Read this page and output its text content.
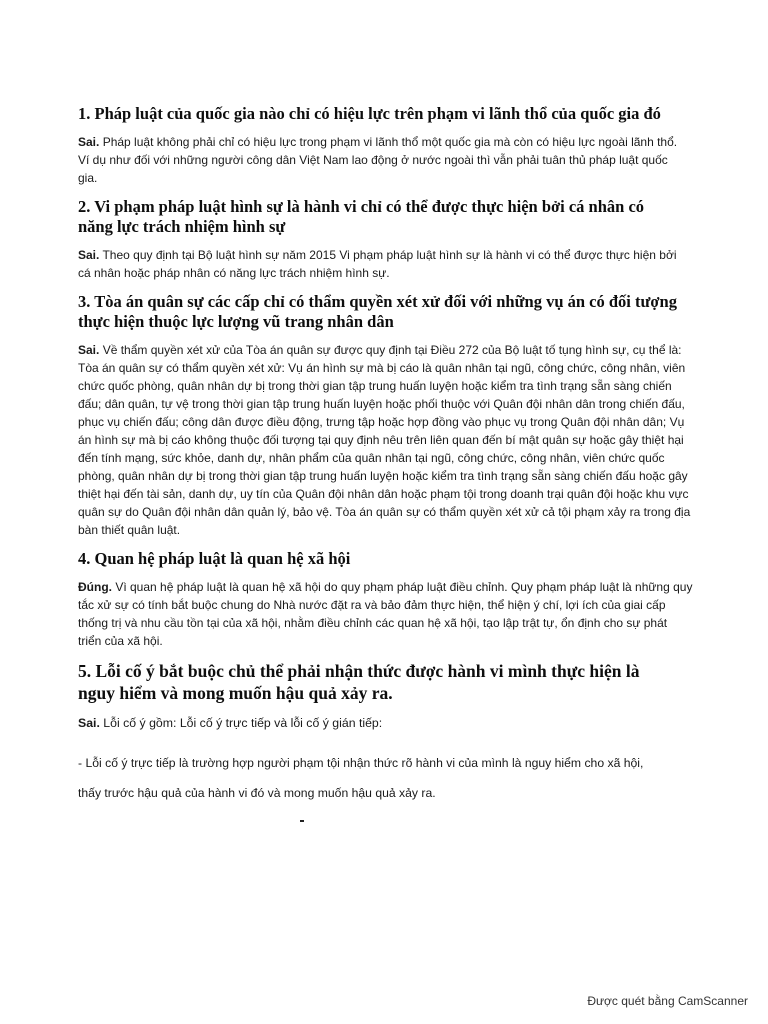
1. Pháp luật của quốc gia nào chỉ có hiệu lực trên phạm vi lãnh thổ của quốc gia đó

Sai. Pháp luật không phải chỉ có hiệu lực trong phạm vi lãnh thổ một quốc gia mà còn có hiệu lực ngoài lãnh thổ. Ví dụ như đối với những người công dân Việt Nam lao động ở nước ngoài thì vẫn phải tuân thủ pháp luật quốc gia.

2. Vi phạm pháp luật hình sự là hành vi chỉ có thể được thực hiện bởi cá nhân có năng lực trách nhiệm hình sự

Sai. Theo quy định tại Bộ luật hình sự năm 2015 Vi phạm pháp luật hình sự là hành vi có thể được thực hiện bởi cá nhân hoặc pháp nhân có năng lực trách nhiệm hình sự.

3. Tòa án quân sự các cấp chỉ có thẩm quyền xét xử đối với những vụ án có đối tượng thực hiện thuộc lực lượng vũ trang nhân dân

Sai. Về thẩm quyền xét xử của Tòa án quân sự được quy định tại Điều 272 của Bộ luật tố tụng hình sự, cụ thể là: Tòa án quân sự có thẩm quyền xét xử: Vụ án hình sự mà bị cáo là quân nhân tại ngũ, công chức, công nhân, viên chức quốc phòng, quân nhân dự bị trong thời gian tập trung huấn luyện hoặc kiểm tra tình trạng sẵn sàng chiến đấu; dân quân, tự vệ trong thời gian tập trung huấn luyện hoặc phối thuộc với Quân đội nhân dân trong chiến đấu, phục vụ chiến đấu; công dân được điều động, trưng tập hoặc hợp đồng vào phục vụ trong Quân đội nhân dân; Vụ án hình sự mà bị cáo không thuộc đối tượng tại quy định nêu trên liên quan đến bí mật quân sự hoặc gây thiệt hại đến tính mạng, sức khỏe, danh dự, nhân phẩm của quân nhân tại ngũ, công chức, công nhân, viên chức quốc phòng, quân nhân dự bị trong thời gian tập trung huấn luyện hoặc kiểm tra tình trạng sẵn sàng chiến đấu hoặc gây thiệt hại đến tài sản, danh dự, uy tín của Quân đội nhân dân hoặc phạm tội trong doanh trại quân đội hoặc khu vực quân sự do Quân đội nhân dân quản lý, bảo vệ. Tòa án quân sự có thẩm quyền xét xử cả tội phạm xảy ra trong địa bàn thiết quân luật.

4. Quan hệ pháp luật là quan hệ xã hội

Đúng. Vì quan hệ pháp luật là quan hệ xã hội do quy phạm pháp luật điều chỉnh. Quy phạm pháp luật là những quy tắc xử sự có tính bắt buộc chung do Nhà nước đặt ra và bảo đảm thực hiện, thể hiện ý chí, lợi ích của giai cấp thống trị và nhu cầu tồn tại của xã hội, nhằm điều chỉnh các quan hệ xã hội, tạo lập trật tự, ổn định cho sự phát triển của xã hội.

5. Lỗi cố ý bắt buộc chủ thể phải nhận thức được hành vi mình thực hiện là nguy hiểm và mong muốn hậu quả xảy ra.

Sai. Lỗi cố ý gồm: Lỗi cố ý trực tiếp và lỗi cố ý gián tiếp:

- Lỗi cố ý trực tiếp là trường hợp người phạm tội nhận thức rõ hành vi của mình là nguy hiểm cho xã hội,

thấy trước hậu quả của hành vi đó và mong muốn hậu quả xảy ra.

Được quét bằng CamScanner
